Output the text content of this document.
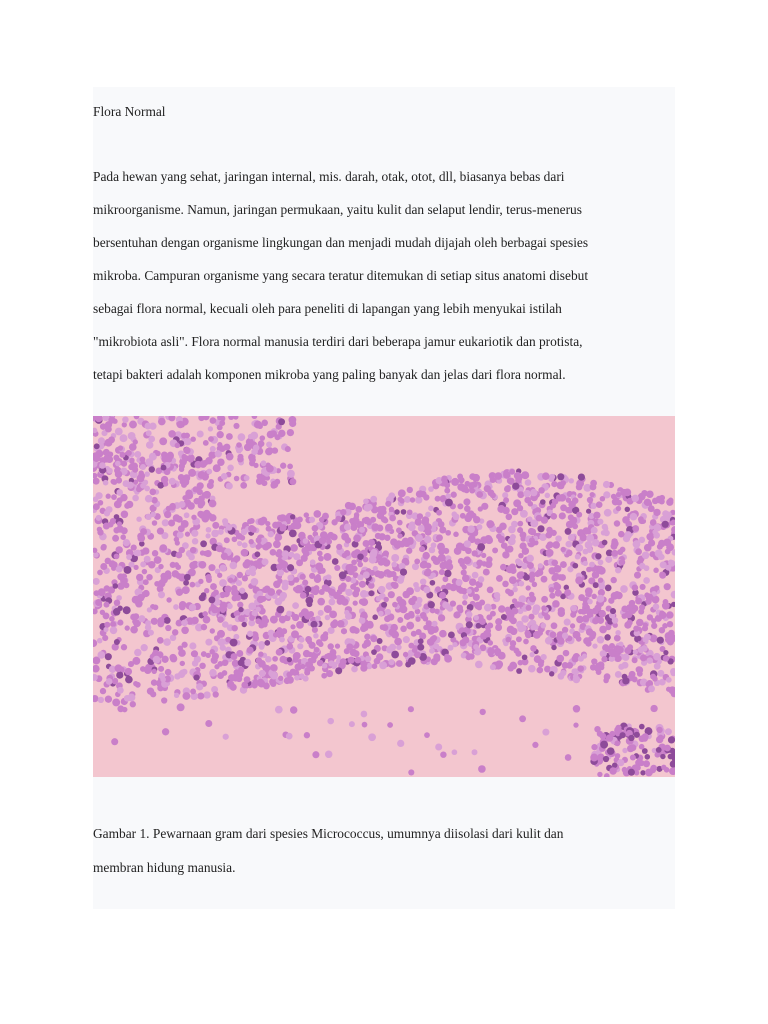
Flora Normal

Pada hewan yang sehat, jaringan internal, mis. darah, otak, otot, dll, biasanya bebas dari
mikroorganisme. Namun, jaringan permukaan, yaitu kulit dan selaput lendir, terus-menerus
bersentuhan dengan organisme lingkungan dan menjadi mudah dijajah oleh berbagai spesies
mikroba. Campuran organisme yang secara teratur ditemukan di setiap situs anatomi disebut
sebagai flora normal, kecuali oleh para peneliti di lapangan yang lebih menyukai istilah
"mikrobiota asli". Flora normal manusia terdiri dari beberapa jamur eukariotik dan protista,
tetapi bakteri adalah komponen mikroba yang paling banyak dan jelas dari flora normal.
Gambar 1. Pewarnaan gram dari spesies Micrococcus, umumnya diisolasi dari kulit dan
membran hidung manusia.
